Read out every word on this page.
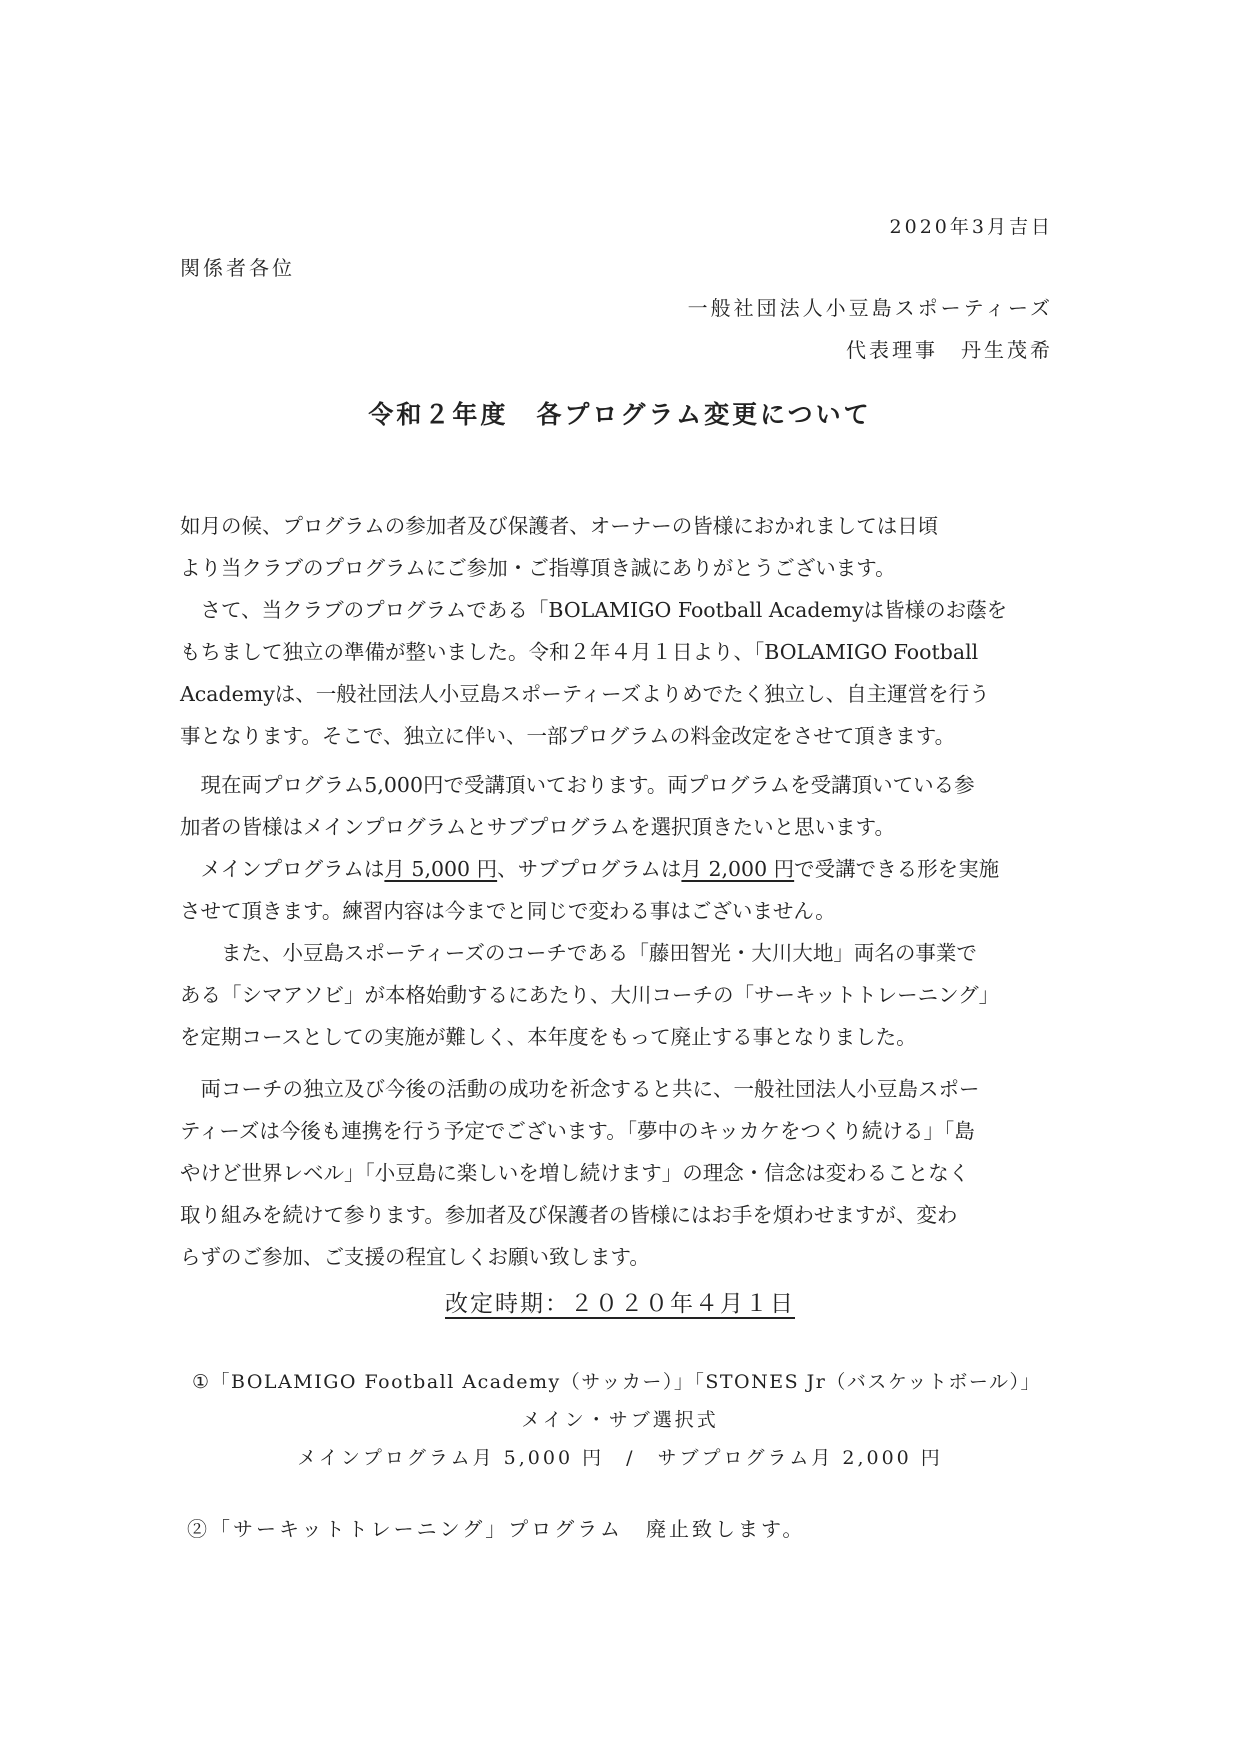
2020年3月吉日
関係者各位
一般社団法人小豆島スポーティーズ
代表理事　丹生茂希
令和２年度　各プログラム変更について

如月の候、プログラムの参加者及び保護者、オーナーの皆様におかれましては日頃

より当クラブのプログラムにご参加・ご指導頂き誠にありがとうございます。

　さて、当クラブのプログラムである「BOLAMIGO Football Academyは皆様のお蔭を

もちまして独立の準備が整いました。令和２年４月１日より、「BOLAMIGO Football

Academyは、一般社団法人小豆島スポーティーズよりめでたく独立し、自主運営を行う

事となります。そこで、独立に伴い、一部プログラムの料金改定をさせて頂きます。

　現在両プログラム5,000円で受講頂いております。両プログラムを受講頂いている参

加者の皆様はメインプログラムとサブプログラムを選択頂きたいと思います。

　メインプログラムは月 5,000 円、サブプログラムは月 2,000 円で受講できる形を実施

させて頂きます。練習内容は今までと同じで変わる事はございません。

　　また、小豆島スポーティーズのコーチである「藤田智光・大川大地」両名の事業で

ある「シマアソビ」が本格始動するにあたり、大川コーチの「サーキットトレーニング」

を定期コースとしての実施が難しく、本年度をもって廃止する事となりました。

　両コーチの独立及び今後の活動の成功を祈念すると共に、一般社団法人小豆島スポー

ティーズは今後も連携を行う予定でございます。「夢中のキッカケをつくり続ける」「島

やけど世界レベル」「小豆島に楽しいを増し続けます」の理念・信念は変わることなく

取り組みを続けて参ります。参加者及び保護者の皆様にはお手を煩わせますが、変わ

らずのご参加、ご支援の程宜しくお願い致します。

改定時期：２０２０年４月１日
①「BOLAMIGO Football Academy（サッカー）」「STONES Jr（バスケットボール）」
メイン・サブ選択式
メインプログラム月 5,000 円　/　サブプログラム月 2,000 円
②「サーキットトレーニング」プログラム　廃止致します。
